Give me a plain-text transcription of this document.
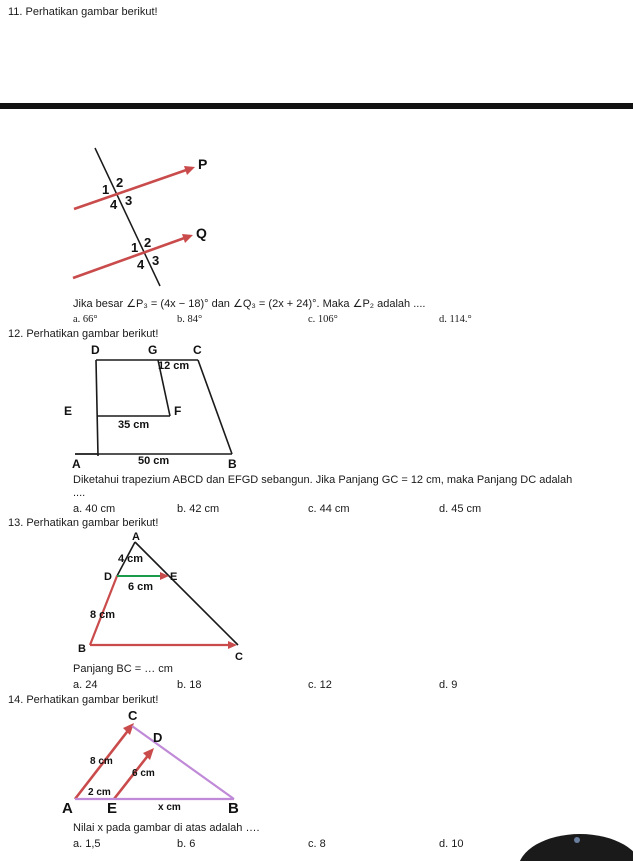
11. Perhatikan gambar berikut!
P
Q
1 2
3
4
1 2
3
4
Jika besar ∠P₃ = (4x − 18)° dan ∠Q₃ = (2x + 24)°. Maka ∠P₂ adalah ....
a. 66°	b. 84°	c. 106°	d. 114.°
12. Perhatikan gambar berikut!
D	G	C
12 cm
E	F
35 cm
50 cm
A	B
Diketahui trapezium ABCD dan EFGD sebangun. Jika Panjang GC = 12 cm, maka Panjang DC adalah
....
a. 40 cm	b. 42 cm	c. 44 cm	d. 45 cm
13. Perhatikan gambar berikut!
A
4 cm
D	E
6 cm
8 cm
B
C
Panjang BC = … cm
a. 24	b. 18	c. 12	d. 9
14. Perhatikan gambar berikut!
C
D
8 cm
6 cm
2 cm
x cm
A E	B
Nilai x pada gambar di atas adalah ….
a. 1,5	b. 6	c. 8	d. 10
